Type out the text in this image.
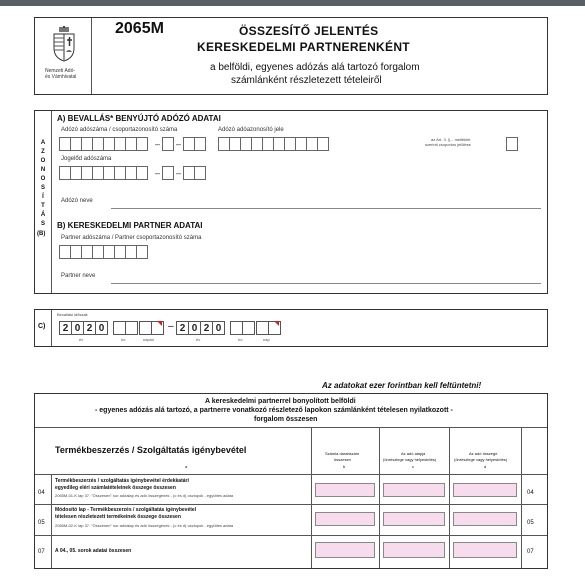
Nemzeti Adó-
és Vámhivatal
2065M	ÖSSZESÍTŐ JELENTÉS
KERESKEDELMI PARTNERENKÉNT
a belföldi, egyenes adózás alá tartozó forgalom
számlánként részletezett tételeiről
A
Z
O
N
O
S
Í
T
Á
S
(B)
A) BEVALLÁS* BENYÚJTÓ ADÓZÓ ADATAI
Adózó adószáma / csoportazonosító száma	Adózó adóazonosító jele
– –	az Art. 3. §... melléklet
szerinti csoportos jelölése
Jogelőd adószáma
– –
Adózó neve
B) KERESKEDELMI PARTNER ADATAI
Partner adószáma / Partner csoportazonosító száma
Partner neve
C)
Bevallási időszak
2 0 2 0
év	hó	naptól
– 2 0 2 0
év	hó	nap
Az adatokat ezer forintban kell feltüntetni!
A kereskedelmi partnerrel bonyolított belföldi
- egyenes adózás alá tartozó, a partnerre vonatkozó részletező lapokon számlánként tételesen nyilatkozott -
forgalom összesen
Termékbeszerzés / Szolgáltatás igénybevétel
a
Számla darabszám
összesen
b
Az adó alapja
(önrészlege vagy helyesbítés)
c
Az adó összege
(önrészlege vagy helyesbítés)
d
04
Termékbeszerzés / szolgáltatás igénybevétel érdekkatári
egyedileg eléri számlatételeinek összege összesen
2065M-01-K lap 37. "Összesen" sor adóalap és adó összegének - (c és d) oszlopok - együttes adata	04
05
Módosító lap - Termékbeszerzés / szolgáltatás igénybevétel
tételesen részletezett termékeinek összege összesen
2065M-02-K lap 37. "Összesen" sor adóalap és adó összegének - (c és d) oszlopok - együttes adata	05
07 A 04., 05. sorok adatai összesen	07
